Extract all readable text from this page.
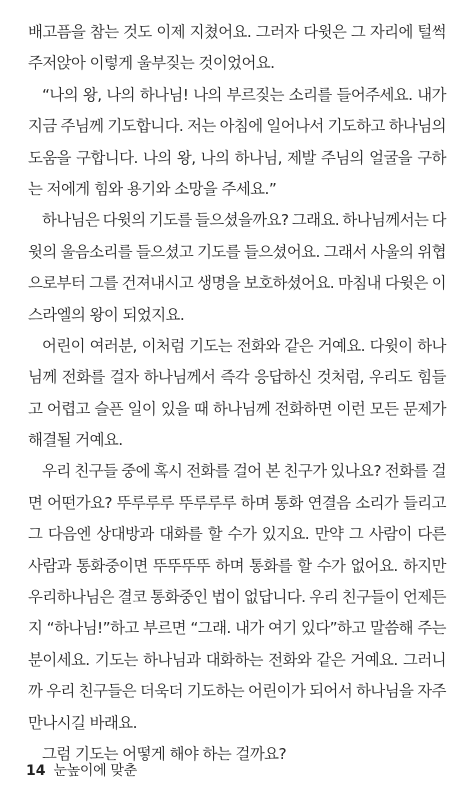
배고픔을 참는 것도 이제 지쳤어요. 그러자 다윗은 그 자리에 털썩
주저앉아 이렇게 울부짖는 것이었어요.
“나의 왕, 나의 하나님! 나의 부르짖는 소리를 들어주세요. 내가
지금 주님께 기도합니다. 저는 아침에 일어나서 기도하고 하나님의
도움을 구합니다. 나의 왕, 나의 하나님, 제발 주님의 얼굴을 구하
는 저에게 힘와 용기와 소망을 주세요.”
하나님은 다윗의 기도를 들으셨을까요? 그래요. 하나님께서는 다
윗의 울음소리를 들으셨고 기도를 들으셨어요. 그래서 사울의 위협
으로부터 그를 건져내시고 생명을 보호하셨어요. 마침내 다윗은 이
스라엘의 왕이 되었지요.
어린이 여러분, 이처럼 기도는 전화와 같은 거예요. 다윗이 하나
님께 전화를 걸자 하나님께서 즉각 응답하신 것처럼, 우리도 힘들
고 어렵고 슬픈 일이 있을 때 하나님께 전화하면 이런 모든 문제가
해결될 거예요.
우리 친구들 중에 혹시 전화를 걸어 본 친구가 있나요? 전화를 걸
면 어떤가요? 뚜루루루 뚜루루루 하며 통화 연결음 소리가 들리고
그 다음엔 상대방과 대화를 할 수가 있지요. 만약 그 사람이 다른
사람과 통화중이면 뚜뚜뚜뚜 하며 통화를 할 수가 없어요. 하지만
우리하나님은 결코 통화중인 법이 없답니다. 우리 친구들이 언제든
지 “하나님!”하고 부르면 “그래. 내가 여기 있다”하고 말씀해 주는
분이세요. 기도는 하나님과 대화하는 전화와 같은 거예요. 그러니
까 우리 친구들은 더욱더 기도하는 어린이가 되어서 하나님을 자주
만나시길 바래요.
그럼 기도는 어떻게 해야 하는 걸까요?
14 눈높이에 맞춘
